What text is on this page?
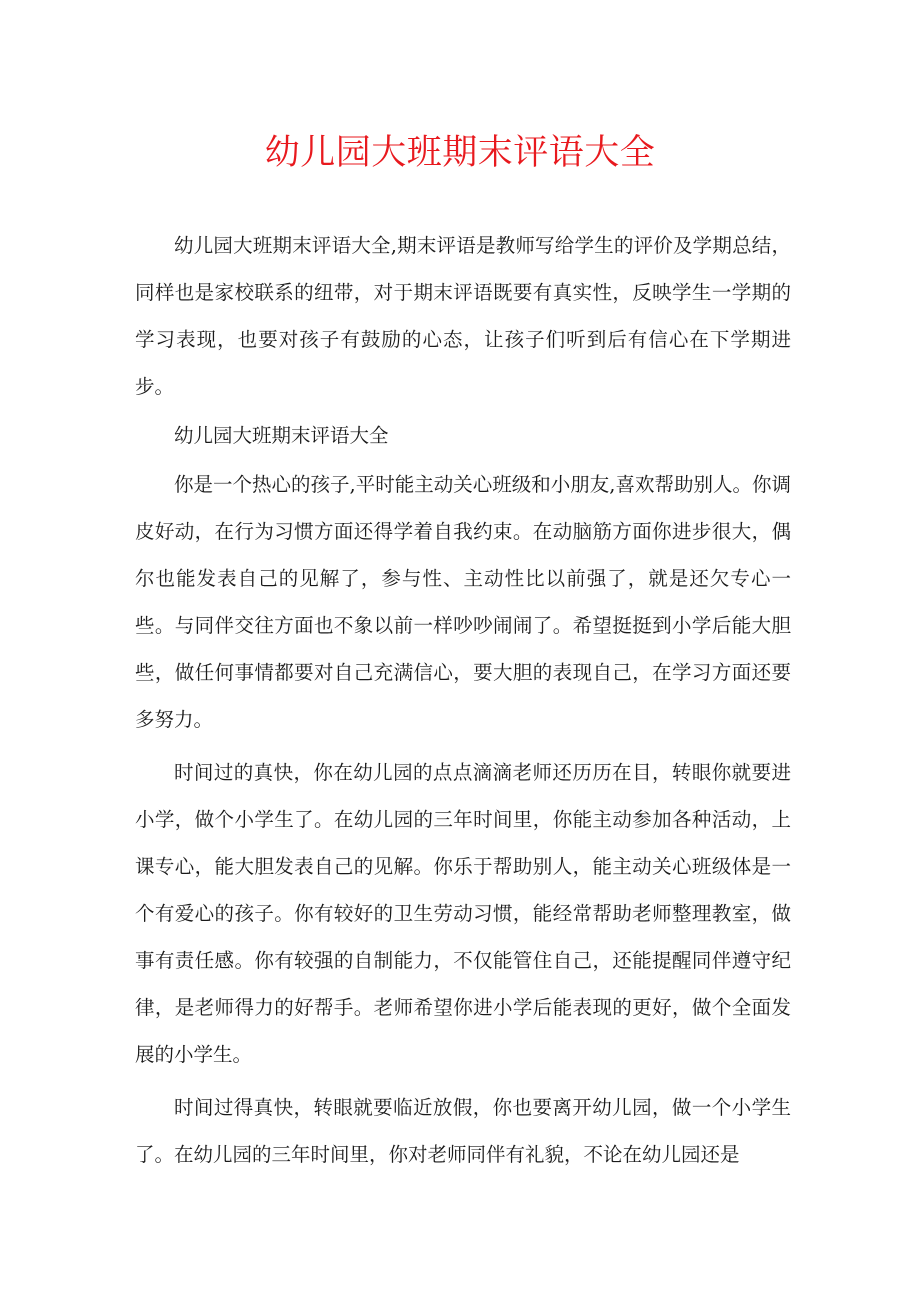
幼儿园大班期末评语大全

幼儿园大班期末评语大全,期末评语是教师写给学生的评价及学期总结，同样也是家校联系的纽带，对于期末评语既要有真实性，反映学生一学期的学习表现，也要对孩子有鼓励的心态，让孩子们听到后有信心在下学期进步。

幼儿园大班期末评语大全

你是一个热心的孩子,平时能主动关心班级和小朋友,喜欢帮助别人。你调皮好动，在行为习惯方面还得学着自我约束。在动脑筋方面你进步很大，偶尔也能发表自己的见解了，参与性、主动性比以前强了，就是还欠专心一些。与同伴交往方面也不象以前一样吵吵闹闹了。希望挺挺到小学后能大胆些，做任何事情都要对自己充满信心，要大胆的表现自己，在学习方面还要多努力。

时间过的真快，你在幼儿园的点点滴滴老师还历历在目，转眼你就要进小学，做个小学生了。在幼儿园的三年时间里，你能主动参加各种活动，上课专心，能大胆发表自己的见解。你乐于帮助别人，能主动关心班级体是一个有爱心的孩子。你有较好的卫生劳动习惯，能经常帮助老师整理教室，做事有责任感。你有较强的自制能力，不仅能管住自己，还能提醒同伴遵守纪律，是老师得力的好帮手。老师希望你进小学后能表现的更好，做个全面发展的小学生。

时间过得真快，转眼就要临近放假，你也要离开幼儿园，做一个小学生了。在幼儿园的三年时间里，你对老师同伴有礼貌，不论在幼儿园还是
